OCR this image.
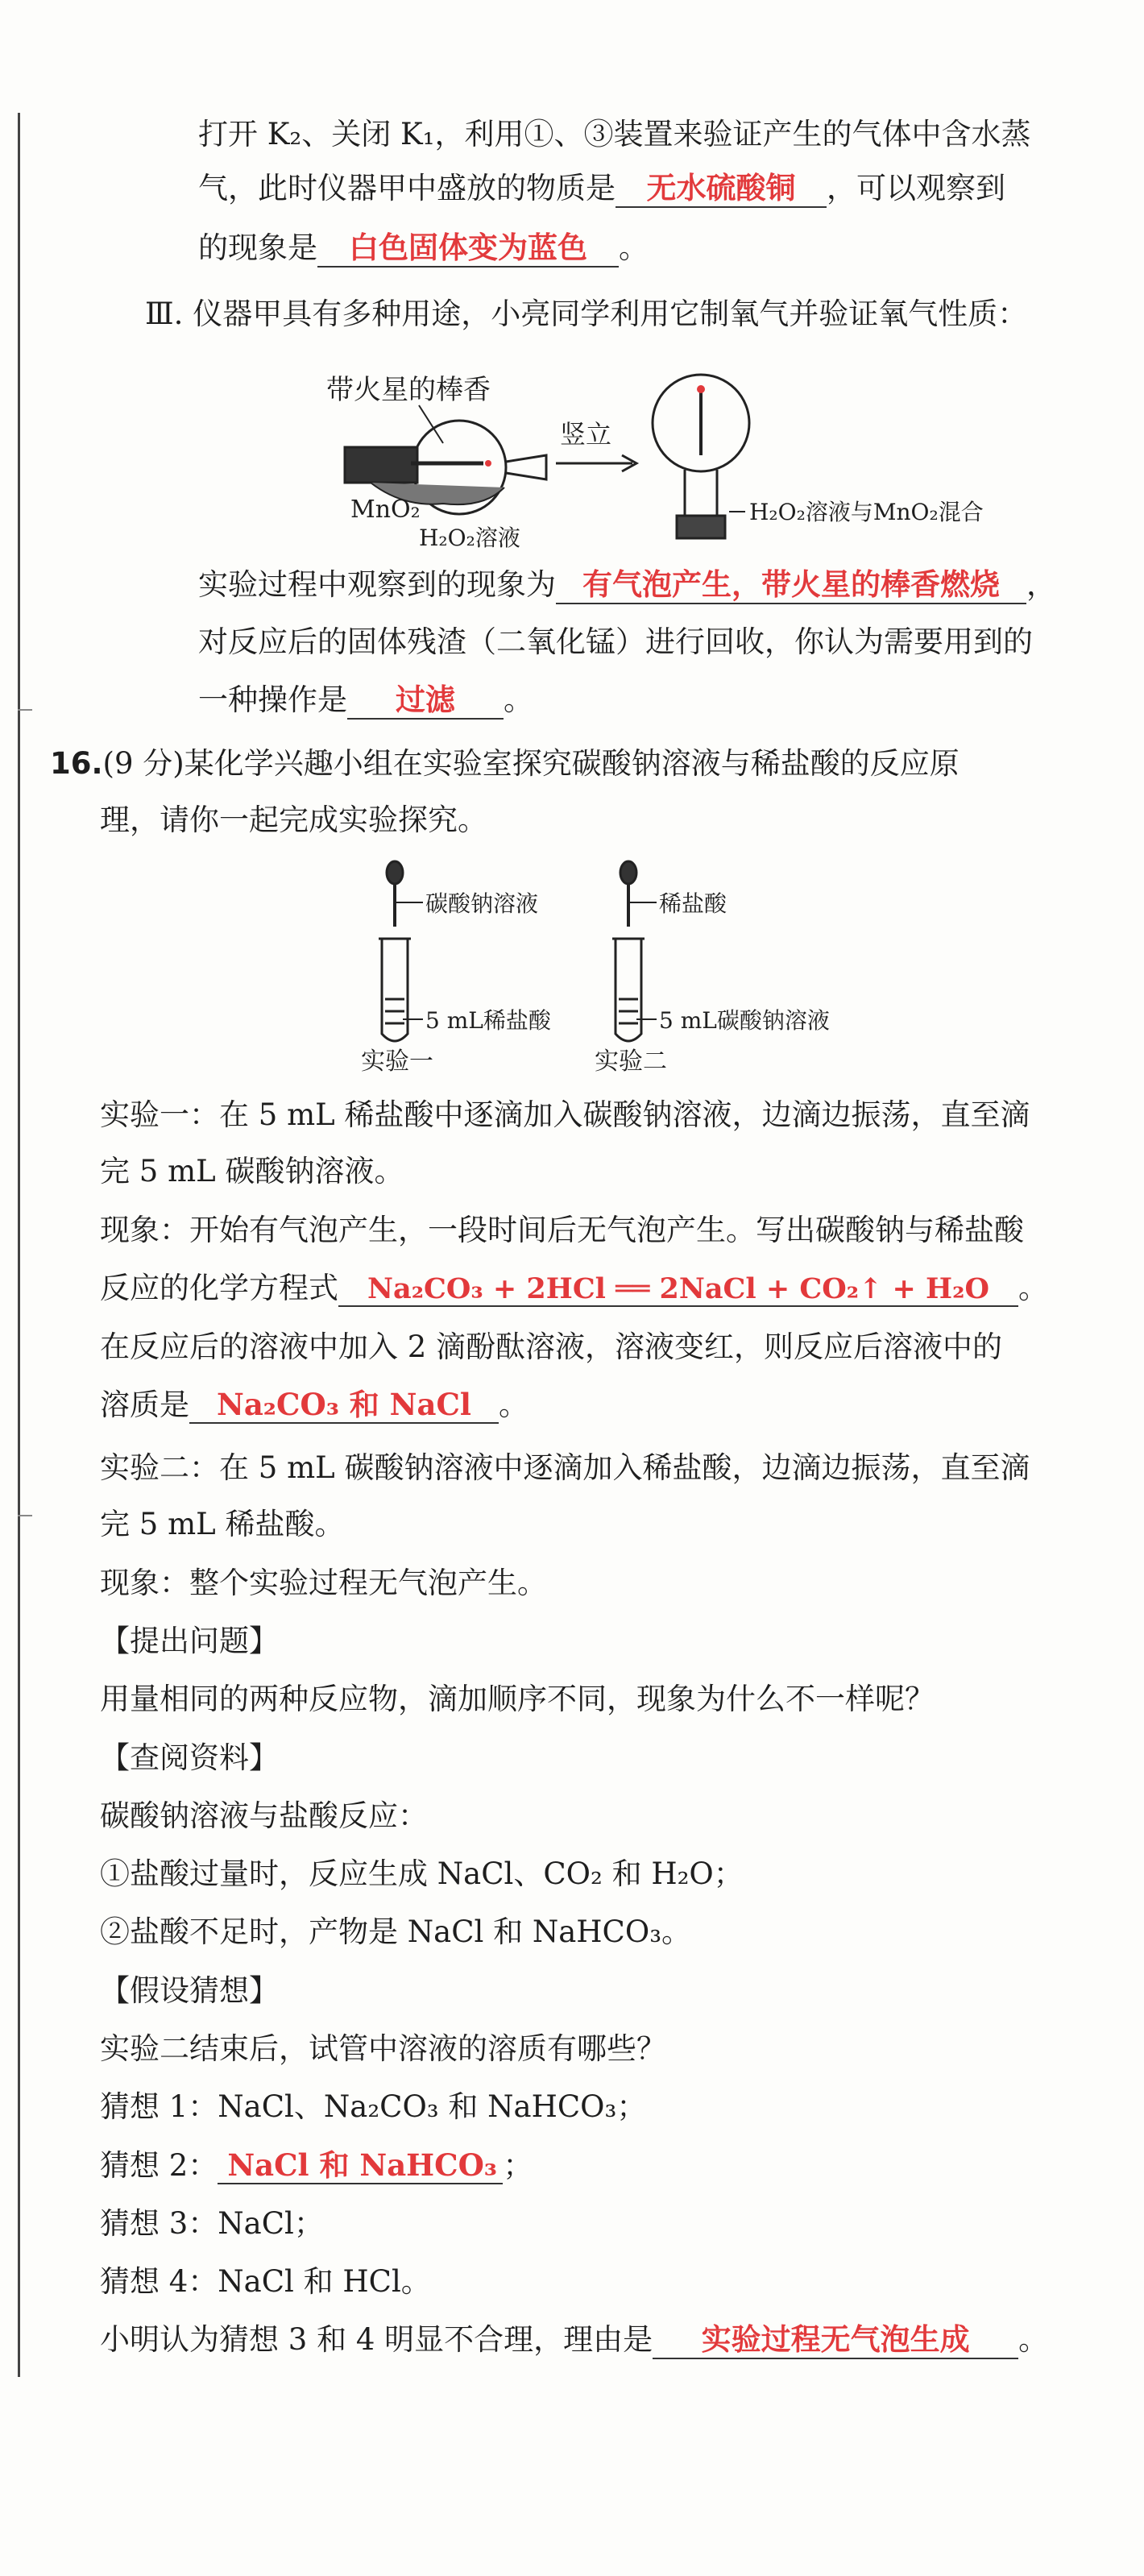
打开 K₂、关闭 K₁，利用①、③装置来验证产生的气体中含水蒸
气，此时仪器甲中盛放的物质是 无水硫酸铜 ，可以观察到
的现象是 白色固体变为蓝色 。
Ⅲ. 仪器甲具有多种用途，小亮同学利用它制氧气并验证氧气性质：
带火星的棒香
MnO₂
H₂O₂溶液
竖立
H₂O₂溶液与MnO₂混合
实验过程中观察到的现象为 有气泡产生，带火星的棒香燃烧 ，
对反应后的固体残渣（二氧化锰）进行回收，你认为需要用到的
一种操作是 过滤 。
16.(9 分)某化学兴趣小组在实验室探究碳酸钠溶液与稀盐酸的反应原
理，请你一起完成实验探究。
碳酸钠溶液
5 mL稀盐酸
实验一
稀盐酸
5 mL碳酸钠溶液
实验二
实验一：在 5 mL 稀盐酸中逐滴加入碳酸钠溶液，边滴边振荡，直至滴
完 5 mL 碳酸钠溶液。
现象：开始有气泡产生，一段时间后无气泡产生。写出碳酸钠与稀盐酸
反应的化学方程式 Na₂CO₃ + 2HCl ══ 2NaCl + CO₂↑ + H₂O 。
在反应后的溶液中加入 2 滴酚酞溶液，溶液变红，则反应后溶液中的
溶质是 Na₂CO₃ 和 NaCl 。
实验二：在 5 mL 碳酸钠溶液中逐滴加入稀盐酸，边滴边振荡，直至滴
完 5 mL 稀盐酸。
现象：整个实验过程无气泡产生。
【提出问题】
用量相同的两种反应物，滴加顺序不同，现象为什么不一样呢？
【查阅资料】
碳酸钠溶液与盐酸反应：
①盐酸过量时，反应生成 NaCl、CO₂ 和 H₂O；
②盐酸不足时，产物是 NaCl 和 NaHCO₃。
【假设猜想】
实验二结束后，试管中溶液的溶质有哪些？
猜想 1：NaCl、Na₂CO₃ 和 NaHCO₃；
猜想 2： NaCl 和 NaHCO₃ ；
猜想 3：NaCl；
猜想 4：NaCl 和 HCl。
小明认为猜想 3 和 4 明显不合理，理由是 实验过程无气泡生成 。
